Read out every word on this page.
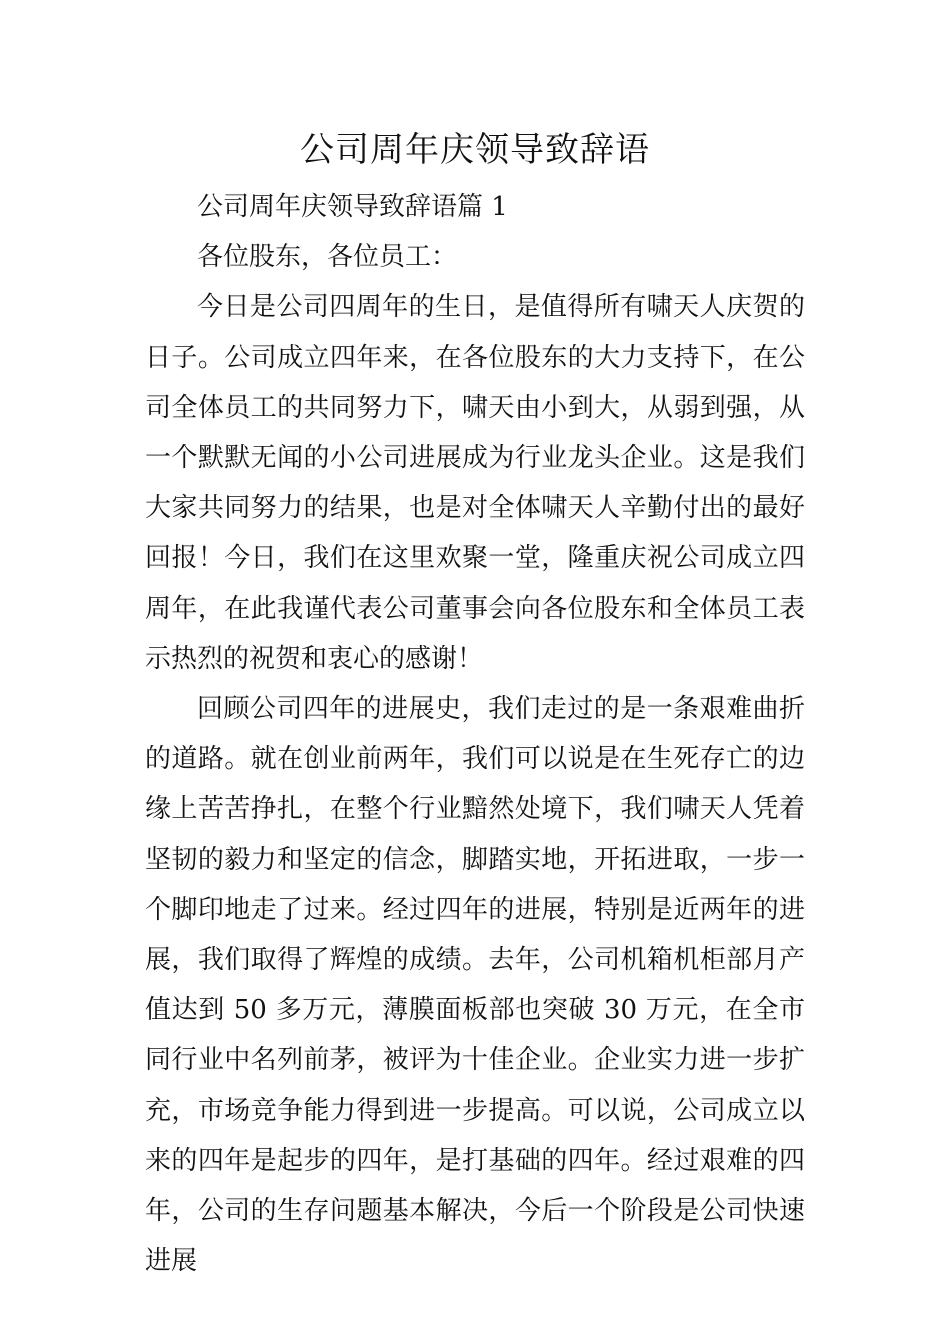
公司周年庆领导致辞语

公司周年庆领导致辞语篇 1

各位股东，各位员工：

今日是公司四周年的生日，是值得所有啸天人庆贺的日子。公司成立四年来，在各位股东的大力支持下，在公司全体员工的共同努力下，啸天由小到大，从弱到强，从一个默默无闻的小公司进展成为行业龙头企业。这是我们大家共同努力的结果，也是对全体啸天人辛勤付出的最好回报！今日，我们在这里欢聚一堂，隆重庆祝公司成立四周年，在此我谨代表公司董事会向各位股东和全体员工表示热烈的祝贺和衷心的感谢！

回顾公司四年的进展史，我们走过的是一条艰难曲折的道路。就在创业前两年，我们可以说是在生死存亡的边缘上苦苦挣扎，在整个行业黯然处境下，我们啸天人凭着坚韧的毅力和坚定的信念，脚踏实地，开拓进取，一步一个脚印地走了过来。经过四年的进展，特别是近两年的进展，我们取得了辉煌的成绩。去年，公司机箱机柜部月产值达到 50 多万元，薄膜面板部也突破 30 万元，在全市同行业中名列前茅，被评为十佳企业。企业实力进一步扩充，市场竞争能力得到进一步提高。可以说，公司成立以来的四年是起步的四年，是打基础的四年。经过艰难的四年，公司的生存问题基本解决，今后一个阶段是公司快速进展
